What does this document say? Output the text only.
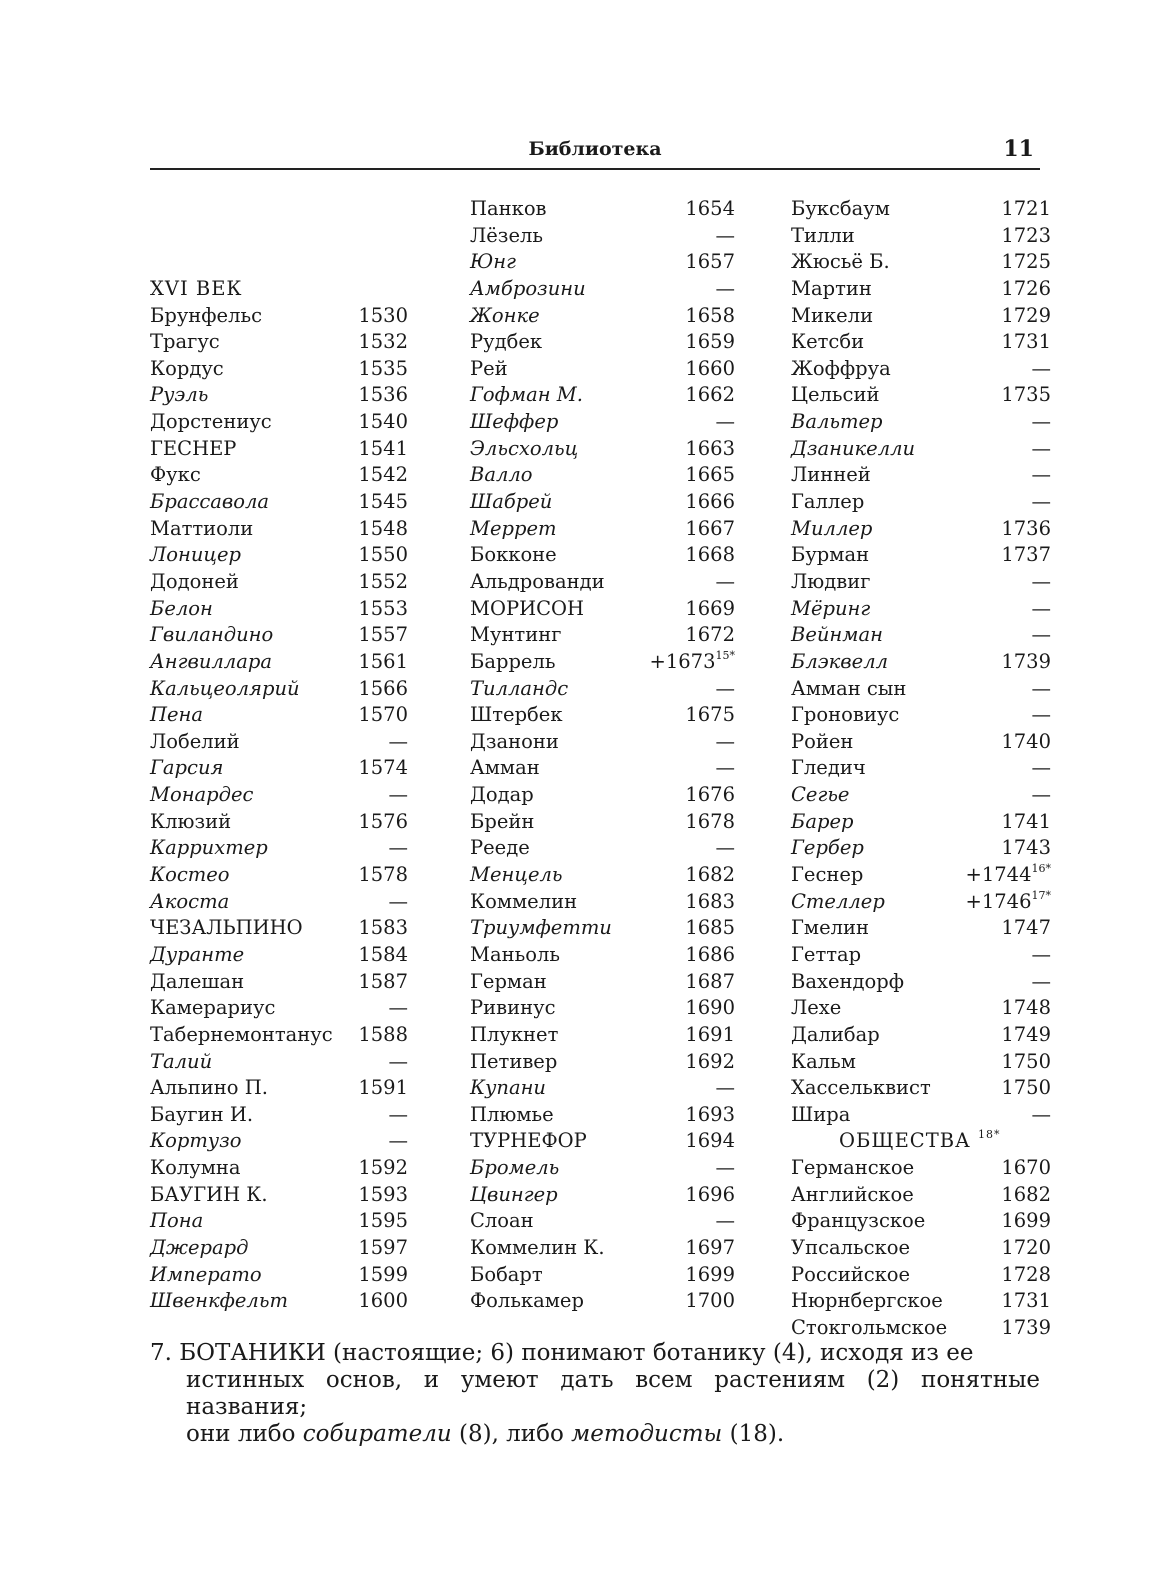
Библиотека	11
XVI ВЕК
Брунфельс	1530
Трагус	1532
Кордус	1535
Руэль	1536
Дорстениус	1540
ГЕСНЕР	1541
Фукс	1542
Брассавола	1545
Маттиоли	1548
Лоницер	1550
Додоней	1552
Белон	1553
Гвиландино	1557
Ангвиллара	1561
Кальцеолярий	1566
Пена	1570
Лобелий	—
Гарсия	1574
Монардес	—
Клюзий	1576
Каррихтер	—
Костео	1578
Акоста	—
ЧЕЗАЛЬПИНО	1583
Дуранте	1584
Далешан	1587
Камерариус	—
Табернемонтанус 1588
Талий	—
Альпино П.	1591
Баугин И.	—
Кортузо	—
Колумна	1592
БАУГИН К.	1593
Пона	1595
Джерард	1597
Императо	1599
Швенкфельт	1600
Панков	1654
Лёзель	—
Юнг	1657
Амброзини	—
Жонке	1658
Рудбек	1659
Рей	1660
Гофман М.	1662
Шеффер	—
Эльсхольц	1663
Валло	1665
Шабрей	1666
Меррет	1667
Бокконе	1668
Альдрованди	—
МОРИСОН	1669
Мунтинг	1672
Баррель	$+1673^{15*}$
Тилландс	—
Штербек	1675
Дзанони	—
Амман	—
Додар	1676
Брейн	1678
Рееде	—
Менцель	1682
Коммелин	1683
Триумфетти	1685
Маньоль	1686
Герман	1687
Ривинус	1690
Плукнет	1691
Петивер	1692
Купани	—
Плюмье	1693
ТУРНЕФОР	1694
Бромель	—
Цвингер	1696
Слоан	—
Коммелин К.	1697
Бобарт	1699
Фолькамер	1700
Буксбаум	1721
Тилли	1723
Жюсьё Б.	1725
Мартин	1726
Микели	1729
Кетсби	1731
Жоффруа	—
Цельсий	1735
Вальтер	—
Дзаникелли	—
Линней	—
Галлер	—
Миллер	1736
Бурман	1737
Людвиг	—
Мёринг	—
Вейнман	—
Блэквелл	1739
Амман сын	—
Гроновиус	—
Ройен	1740
Гледич	—
Сегье	—
Барер	1741
Гербер	1743
Геснер	$+1744^{16*}$
Стеллер	$+1746^{17*}$
Гмелин	1747
Геттар	—
Вахендорф	—
Лехе	1748
Далибар	1749
Кальм	1750
Хассельквист	1750
Шира	—
ОБЩЕСТВА $^{18*}$
Германское	1670
Английское	1682
Французское	1699
Упсальское	1720
Российское	1728
Нюрнбергское	1731
Стокгольмское	1739
7. БОТАНИКИ (настоящие; 6) понимают ботанику (4), исходя из ее
истинных основ, и умеют дать всем растениям (2) понятные названия;
они либо собиратели (8), либо методисты (18).
